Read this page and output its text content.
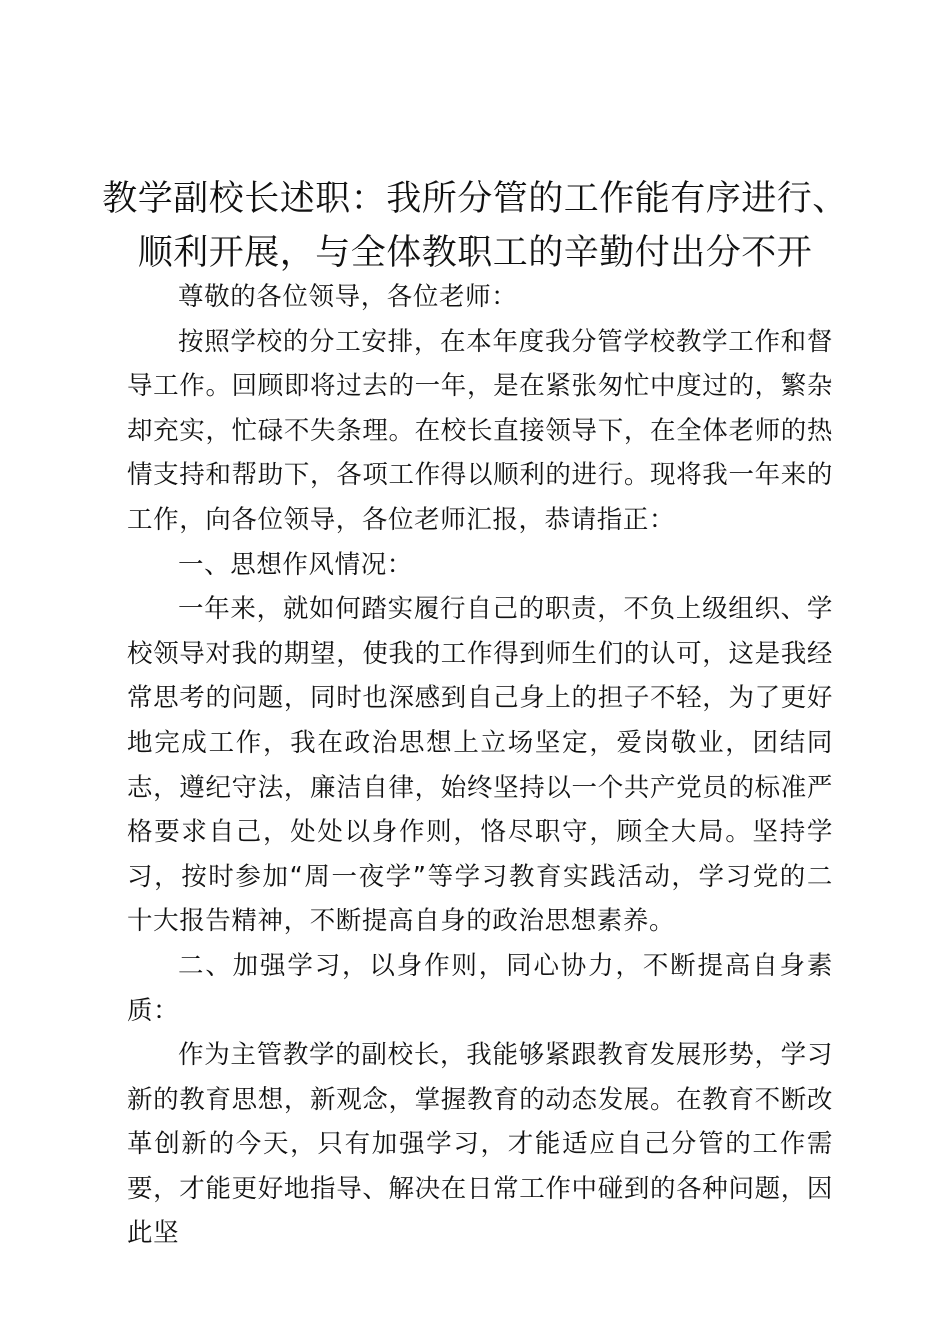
教学副校长述职：我所分管的工作能有序进行、顺利开展，与全体教职工的辛勤付出分不开

尊敬的各位领导，各位老师：

按照学校的分工安排，在本年度我分管学校教学工作和督导工作。回顾即将过去的一年，是在紧张匆忙中度过的，繁杂却充实，忙碌不失条理。在校长直接领导下，在全体老师的热情支持和帮助下，各项工作得以顺利的进行。现将我一年来的工作，向各位领导，各位老师汇报，恭请指正：

一、思想作风情况：

一年来，就如何踏实履行自己的职责，不负上级组织、学校领导对我的期望，使我的工作得到师生们的认可，这是我经常思考的问题，同时也深感到自己身上的担子不轻，为了更好地完成工作，我在政治思想上立场坚定，爱岗敬业，团结同志，遵纪守法，廉洁自律，始终坚持以一个共产党员的标准严格要求自己，处处以身作则，恪尽职守，顾全大局。坚持学习，按时参加“周一夜学”等学习教育实践活动，学习党的二十大报告精神，不断提高自身的政治思想素养。

二、加强学习，以身作则，同心协力，不断提高自身素质：

作为主管教学的副校长，我能够紧跟教育发展形势，学习新的教育思想，新观念，掌握教育的动态发展。在教育不断改革创新的今天，只有加强学习，才能适应自己分管的工作需要，才能更好地指导、解决在日常工作中碰到的各种问题，因此坚
